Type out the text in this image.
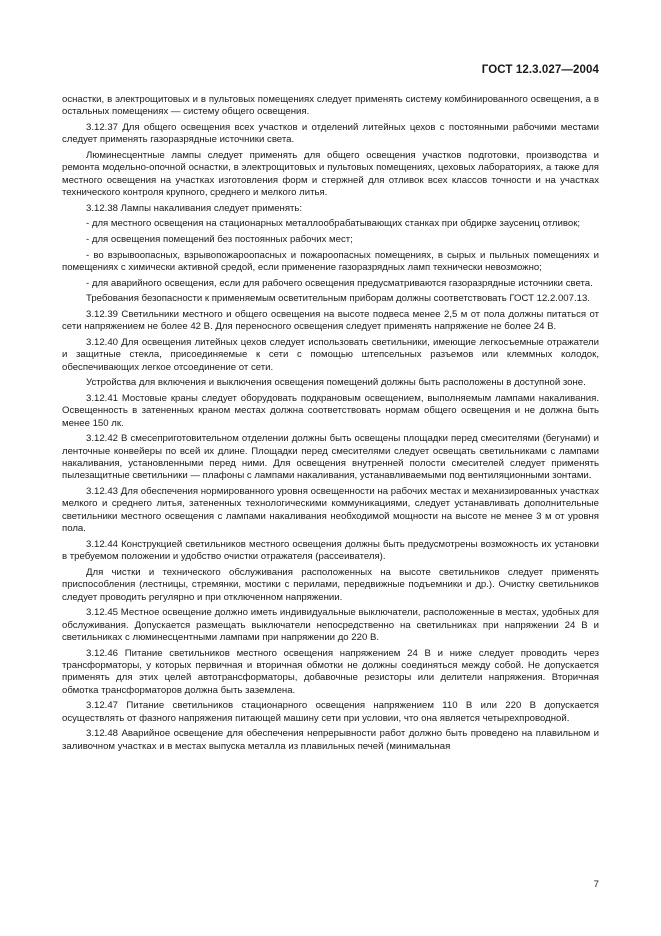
ГОСТ 12.3.027—2004

оснастки, в электрощитовых и в пультовых помещениях следует применять систему комбинированного освещения, а в остальных помещениях — систему общего освещения.

3.12.37 Для общего освещения всех участков и отделений литейных цехов с постоянными рабочими местами следует применять газоразрядные источники света.

Люминесцентные лампы следует применять для общего освещения участков подготовки, производства и ремонта модельно-опочной оснастки, в электрощитовых и пультовых помещениях, цеховых лабораториях, а также для местного освещения на участках изготовления форм и стержней для отливок всех классов точности и на участках технического контроля крупного, среднего и мелкого литья.

3.12.38 Лампы накаливания следует применять:

- для местного освещения на стационарных металлообрабатывающих станках при обдирке заусениц отливок;

- для освещения помещений без постоянных рабочих мест;

- во взрывоопасных, взрывопожароопасных и пожароопасных помещениях, в сырых и пыльных помещениях и помещениях с химически активной средой, если применение газоразрядных ламп технически невозможно;

- для аварийного освещения, если для рабочего освещения предусматриваются газоразрядные источники света.

Требования безопасности к применяемым осветительным приборам должны соответствовать ГОСТ 12.2.007.13.

3.12.39 Светильники местного и общего освещения на высоте подвеса менее 2,5 м от пола должны питаться от сети напряжением не более 42 В. Для переносного освещения следует применять напряжение не более 24 В.

3.12.40 Для освещения литейных цехов следует использовать светильники, имеющие легкосъемные отражатели и защитные стекла, присоединяемые к сети с помощью штепсельных разъемов или клеммных колодок, обеспечивающих легкое отсоединение от сети.

Устройства для включения и выключения освещения помещений должны быть расположены в доступной зоне.

3.12.41 Мостовые краны следует оборудовать подкрановым освещением, выполняемым лампами накаливания. Освещенность в затененных краном местах должна соответствовать нормам общего освещения и не должна быть менее 150 лк.

3.12.42 В смесеприготовительном отделении должны быть освещены площадки перед смесителями (бегунами) и ленточные конвейеры по всей их длине. Площадки перед смесителями следует освещать светильниками с лампами накаливания, установленными перед ними. Для освещения внутренней полости смесителей следует применять пылезащитные светильники — плафоны с лампами накаливания, устанавливаемыми под вентиляционными зонтами.

3.12.43 Для обеспечения нормированного уровня освещенности на рабочих местах и механизированных участках мелкого и среднего литья, затененных технологическими коммуникациями, следует устанавливать дополнительные светильники местного освещения с лампами накаливания необходимой мощности на высоте не менее 3 м от уровня пола.

3.12.44 Конструкцией светильников местного освещения должны быть предусмотрены возможность их установки в требуемом положении и удобство очистки отражателя (рассеивателя).

Для чистки и технического обслуживания расположенных на высоте светильников следует применять приспособления (лестницы, стремянки, мостики с перилами, передвижные подъемники и др.). Очистку светильников следует проводить регулярно и при отключенном напряжении.

3.12.45 Местное освещение должно иметь индивидуальные выключатели, расположенные в местах, удобных для обслуживания. Допускается размещать выключатели непосредственно на светильниках при напряжении 24 В и светильниках с люминесцентными лампами при напряжении до 220 В.

3.12.46 Питание светильников местного освещения напряжением 24 В и ниже следует проводить через трансформаторы, у которых первичная и вторичная обмотки не должны соединяться между собой. Не допускается применять для этих целей автотрансформаторы, добавочные резисторы или делители напряжения. Вторичная обмотка трансформаторов должна быть заземлена.

3.12.47 Питание светильников стационарного освещения напряжением 110 В или 220 В допускается осуществлять от фазного напряжения питающей машину сети при условии, что она является четырехпроводной.

3.12.48 Аварийное освещение для обеспечения непрерывности работ должно быть проведено на плавильном и заливочном участках и в местах выпуска металла из плавильных печей (минимальная

7
